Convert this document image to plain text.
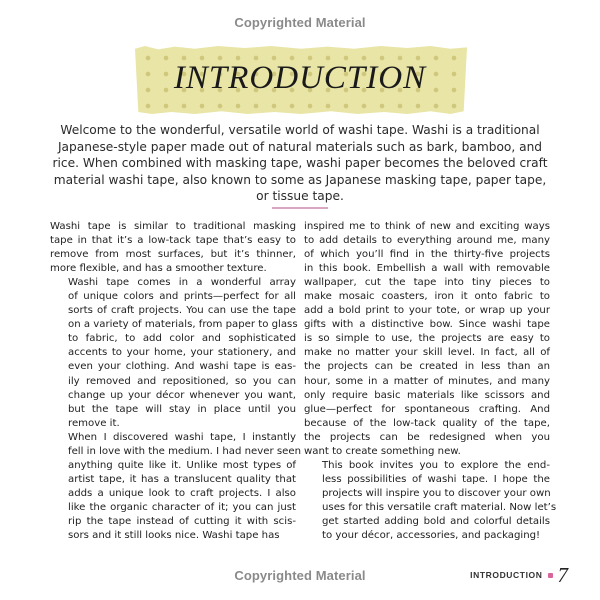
Copyrighted Material
INTRODUCTION

Welcome to the wonderful, versatile world of washi tape. Washi is a traditional Japanese-style paper made out of natural materials such as bark, bamboo, and rice. When combined with masking tape, washi paper becomes the beloved craft material washi tape, also known to some as Japanese masking tape, paper tape, or tissue tape.

Washi tape is similar to traditional masking
tape in that it’s a low-tack tape that’s easy to
remove from most surfaces, but it’s thinner,
more flexible, and has a smoother texture.

Washi tape comes in a wonderful array
of unique colors and prints—perfect for all
sorts of craft projects. You can use the tape
on a variety of materials, from paper to glass
to fabric, to add color and sophisticated
accents to your home, your stationery, and
even your clothing. And washi tape is eas-
ily removed and repositioned, so you can
change up your décor whenever you want,
but the tape will stay in place until you
remove it.

When I discovered washi tape, I instantly
fell in love with the medium. I had never seen
anything quite like it. Unlike most types of
artist tape, it has a translucent quality that
adds a unique look to craft projects. I also
like the organic character of it; you can just
rip the tape instead of cutting it with scis-
sors and it still looks nice. Washi tape has

inspired me to think of new and exciting ways
to add details to everything around me, many
of which you’ll find in the thirty-five projects
in this book. Embellish a wall with removable
wallpaper, cut the tape into tiny pieces to
make mosaic coasters, iron it onto fabric to
add a bold print to your tote, or wrap up your
gifts with a distinctive bow. Since washi tape
is so simple to use, the projects are easy to
make no matter your skill level. In fact, all of
the projects can be created in less than an
hour, some in a matter of minutes, and many
only require basic materials like scissors and
glue—perfect for spontaneous crafting. And
because of the low-tack quality of the tape,
the projects can be redesigned when you
want to create something new.

This book invites you to explore the end-
less possibilities of washi tape. I hope the
projects will inspire you to discover your own
uses for this versatile craft material. Now let’s
get started adding bold and colorful details
to your décor, accessories, and packaging!

INTRODUCTION 7
Copyrighted Material
